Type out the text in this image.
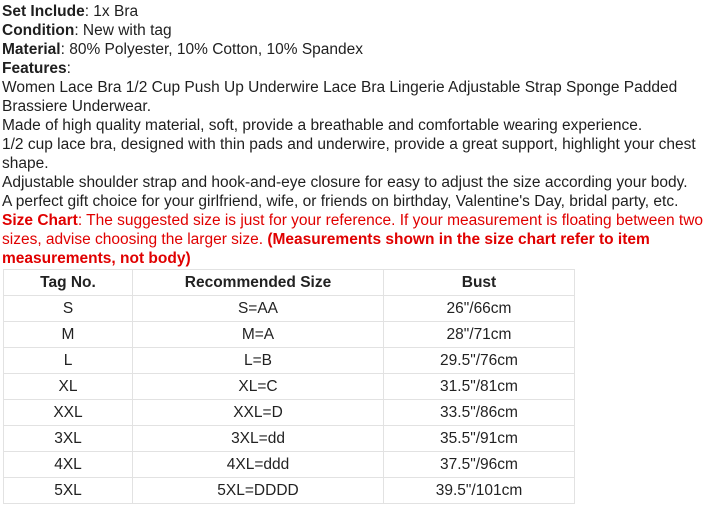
Set Include: 1x Bra
Condition: New with tag
Material: 80% Polyester, 10% Cotton, 10% Spandex
Features:
Women Lace Bra 1/2 Cup Push Up Underwire Lace Bra Lingerie Adjustable Strap Sponge Padded Brassiere Underwear.
Made of high quality material, soft, provide a breathable and comfortable wearing experience.
1/2 cup lace bra, designed with thin pads and underwire, provide a great support, highlight your chest shape.
Adjustable shoulder strap and hook-and-eye closure for easy to adjust the size according your body.
A perfect gift choice for your girlfriend, wife, or friends on birthday, Valentine's Day, bridal party, etc.
Size Chart: The suggested size is just for your reference. If your measurement is floating between two sizes, advise choosing the larger size. (Measurements shown in the size chart refer to item measurements, not body)
Tag No.	Recommended Size	Bust
S	S=AA	26"/66cm
M	M=A	28"/71cm
L	L=B	29.5"/76cm
XL	XL=C	31.5"/81cm
XXL	XXL=D	33.5"/86cm
3XL	3XL=dd	35.5"/91cm
4XL	4XL=ddd	37.5"/96cm
5XL	5XL=DDDD	39.5"/101cm
